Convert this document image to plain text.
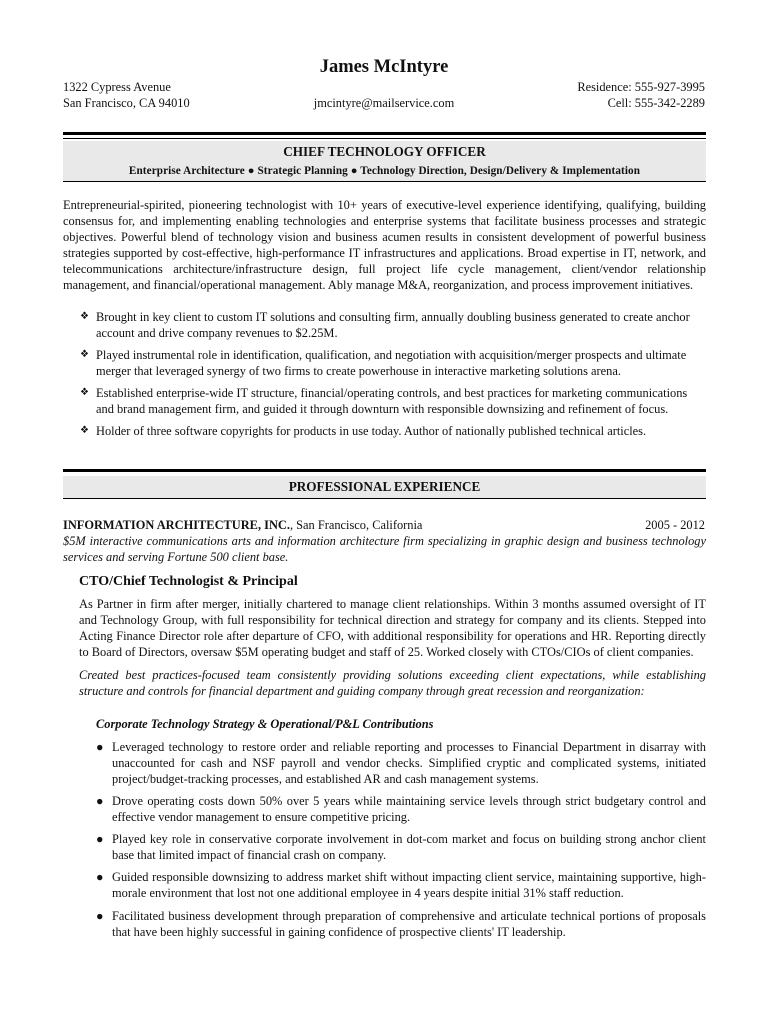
James McIntyre
1322 Cypress Avenue
San Francisco, CA 94010	jmcintyre@mailservice.com
Residence: 555-927-3995
Cell: 555-342-2289
CHIEF TECHNOLOGY OFFICER
Enterprise Architecture ● Strategic Planning ● Technology Direction, Design/Delivery & Implementation
Entrepreneurial-spirited, pioneering technologist with 10+ years of executive-level experience identifying, qualifying, building consensus for, and implementing enabling technologies and enterprise systems that facilitate business processes and strategic objectives. Powerful blend of technology vision and business acumen results in consistent development of powerful business strategies supported by cost-effective, high-performance IT infrastructures and applications. Broad expertise in IT, network, and telecommunications architecture/infrastructure design, full project life cycle management, client/vendor relationship management, and financial/operational management. Ably manage M&A, reorganization, and process improvement initiatives.
❖ Brought in key client to custom IT solutions and consulting firm, annually doubling business generated to create anchor account and drive company revenues to $2.25M.
❖ Played instrumental role in identification, qualification, and negotiation with acquisition/merger prospects and ultimate merger that leveraged synergy of two firms to create powerhouse in interactive marketing solutions arena.
❖ Established enterprise-wide IT structure, financial/operating controls, and best practices for marketing communications and brand management firm, and guided it through downturn with responsible downsizing and refinement of focus.
❖ Holder of three software copyrights for products in use today. Author of nationally published technical articles.
PROFESSIONAL EXPERIENCE
INFORMATION ARCHITECTURE, INC., San Francisco, California	2005 - 2012
$5M interactive communications arts and information architecture firm specializing in graphic design and business technology services and serving Fortune 500 client base.
CTO/Chief Technologist & Principal
As Partner in firm after merger, initially chartered to manage client relationships. Within 3 months assumed oversight of IT and Technology Group, with full responsibility for technical direction and strategy for company and its clients. Stepped into Acting Finance Director role after departure of CFO, with additional responsibility for operations and HR. Reporting directly to Board of Directors, oversaw $5M operating budget and staff of 25. Worked closely with CTOs/CIOs of client companies.
Created best practices-focused team consistently providing solutions exceeding client expectations, while establishing structure and controls for financial department and guiding company through great recession and reorganization:
Corporate Technology Strategy & Operational/P&L Contributions
● Leveraged technology to restore order and reliable reporting and processes to Financial Department in disarray with unaccounted for cash and NSF payroll and vendor checks. Simplified cryptic and complicated systems, initiated project/budget-tracking processes, and established AR and cash management systems.
● Drove operating costs down 50% over 5 years while maintaining service levels through strict budgetary control and effective vendor management to ensure competitive pricing.
● Played key role in conservative corporate involvement in dot-com market and focus on building strong anchor client base that limited impact of financial crash on company.
● Guided responsible downsizing to address market shift without impacting client service, maintaining supportive, high-morale environment that lost not one additional employee in 4 years despite initial 31% staff reduction.
● Facilitated business development through preparation of comprehensive and articulate technical portions of proposals that have been highly successful in gaining confidence of prospective clients' IT leadership.
